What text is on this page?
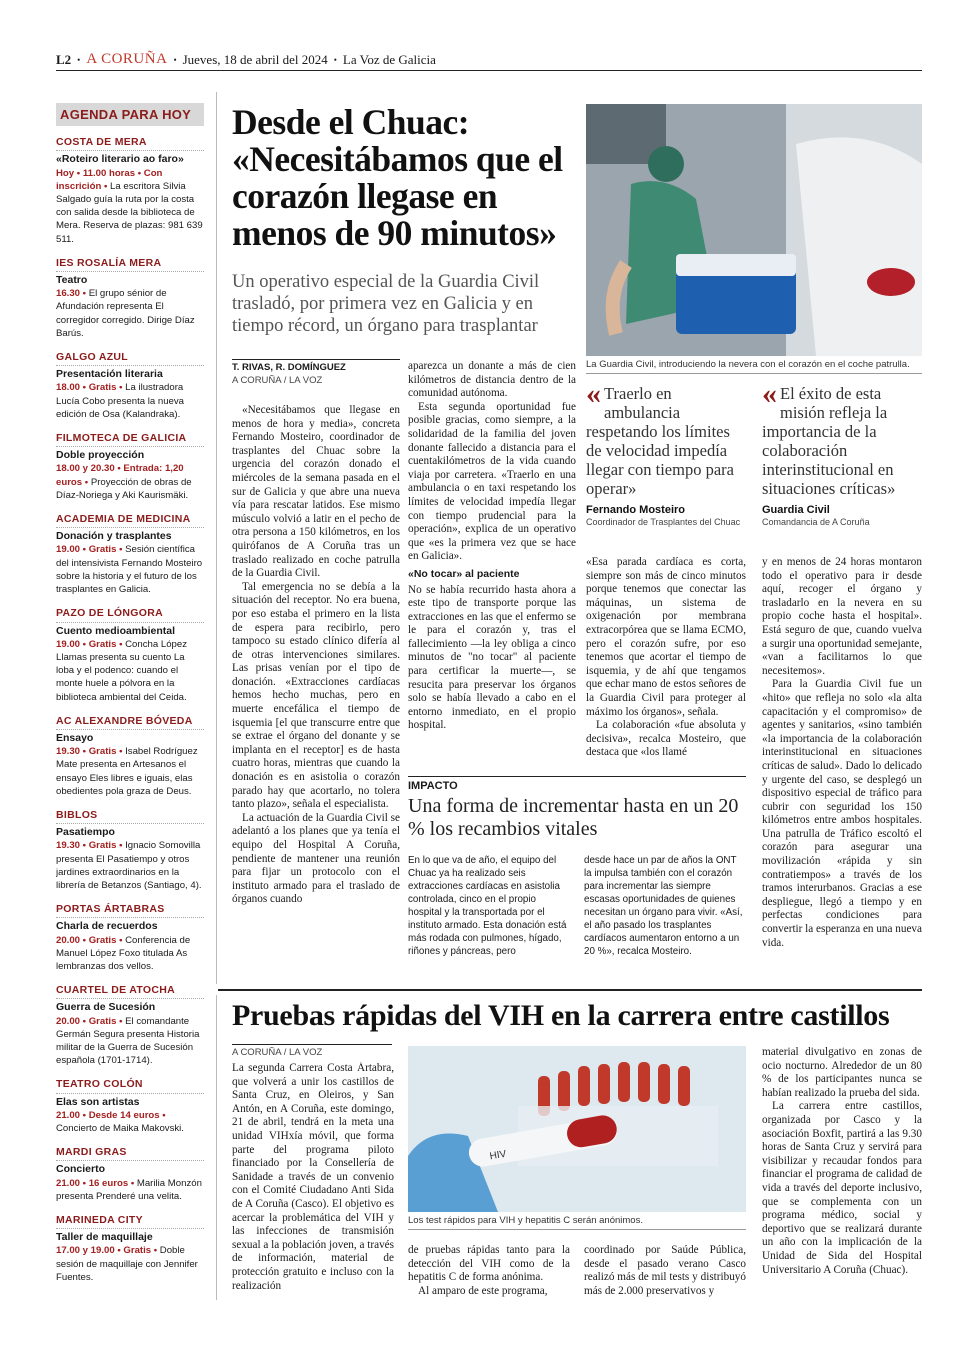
L2 • A CORUÑA • Jueves, 18 de abril del 2024 • La Voz de Galicia
AGENDA PARA HOY
COSTA DE MERA
«Roteiro literario ao faro»
Hoy • 11.00 horas • Con inscrición • La escritora Silvia Salgado guía la ruta por la costa con salida desde la biblioteca de Mera. Reserva de plazas: 981 639 511.
IES ROSALÍA MERA
Teatro
16.30 • El grupo sénior de Afundación representa El corregidor corregido. Dirige Díaz Barús.
GALGO AZUL
Presentación literaria
18.00 • Gratis • La ilustradora Lucía Cobo presenta la nueva edición de Osa (Kalandraka).
FILMOTECA DE GALICIA
Doble proyección
18.00 y 20.30 • Entrada: 1,20 euros • Proyección de obras de Díaz-Noriega y Aki Kaurismäki.
ACADEMIA DE MEDICINA
Donación y trasplantes
19.00 • Gratis • Sesión científica del intensivista Fernando Mosteiro sobre la historia y el futuro de los trasplantes en Galicia.
PAZO DE LÓNGORA
Cuento medioambiental
19.00 • Gratis • Concha López Llamas presenta su cuento La loba y el podenco: cuando el monte huele a pólvora en la biblioteca ambiental del Ceida.
AC ALEXANDRE BÓVEDA
Ensayo
19.30 • Gratis • Isabel Rodríguez Mate presenta en Artesanos el ensayo Eles libres e iguais, elas obedientes pola graza de Deus.
BIBLOS
Pasatiempo
19.30 • Gratis • Ignacio Somovilla presenta El Pasatiempo y otros jardines extraordinarios en la librería de Betanzos (Santiago, 4).
PORTAS ÁRTABRAS
Charla de recuerdos
20.00 • Gratis • Conferencia de Manuel López Foxo titulada As lembranzas dos vellos.
CUARTEL DE ATOCHA
Guerra de Sucesión
20.00 • Gratis • El comandante Germán Segura presenta Historia militar de la Guerra de Sucesión española (1701-1714).
TEATRO COLÓN
Elas son artistas
21.00 • Desde 14 euros • Concierto de Maika Makovski.
MARDI GRAS
Concierto
21.00 • 16 euros • Marilia Monzón presenta Prenderé una velita.
MARINEDA CITY
Taller de maquillaje
17.00 y 19.00 • Gratis • Doble sesión de maquillaje con Jennifer Fuentes.
Desde el Chuac: «Necesitábamos que el corazón llegase en menos de 90 minutos»
Un operativo especial de la Guardia Civil trasladó, por primera vez en Galicia y en tiempo récord, un órgano para trasplantar
La Guardia Civil, introduciendo la nevera con el corazón en el coche patrulla.
T. RIVAS, R. DOMÍNGUEZ
A CORUÑA / LA VOZ

«Necesitábamos que llegase en menos de hora y media», concreta Fernando Mosteiro, coordinador de trasplantes del Chuac sobre la urgencia del corazón donado el miércoles de la semana pasada en el sur de Galicia y que abre una nueva vía para rescatar latidos. Ese mismo músculo volvió a latir en el pecho de otra persona a 150 kilómetros, en los quirófanos de A Coruña tras un traslado realizado en coche patrulla de la Guardia Civil.

Tal emergencia no se debía a la situación del receptor. No era buena, por eso estaba el primero en la lista de espera para recibirlo, pero tampoco su estado clínico difería al de otras intervenciones similares. Las prisas venían por el tipo de donación. «Extracciones cardíacas hemos hecho muchas, pero en muerte encefálica el tiempo de isquemia [el que transcurre entre que se extrae el órgano del donante y se implanta en el receptor] es de hasta cuatro horas, mientras que cuando la donación es en asistolia o corazón parado hay que acortarlo, no tolera tanto plazo», señala el especialista.

La actuación de la Guardia Civil se adelantó a los planes que ya tenía el equipo del Hospital A Coruña, pendiente de mantener una reunión para fijar un protocolo con el instituto armado para el traslado de órganos cuando

aparezca un donante a más de cien kilómetros de distancia dentro de la comunidad autónoma.

Esta segunda oportunidad fue posible gracias, como siempre, a la solidaridad de la familia del joven donante fallecido a distancia para el cuentakilómetros de la vida cuando viaja por carretera. «Traerlo en una ambulancia o en taxi respetando los límites de velocidad impedía llegar con tiempo prudencial para la operación», explica de un operativo que «es la primera vez que se hace en Galicia».

«No tocar» al paciente

No se había recurrido hasta ahora a este tipo de transporte porque las extracciones en las que el enfermo se le para el corazón y, tras el fallecimiento —la ley obliga a cinco minutos de "no tocar" al paciente para certificar la muerte—, se resucita para preservar los órganos solo se había llevado a cabo en el entorno inmediato, en el propio hospital.

« Traerlo en ambulancia respetando los límites de velocidad impedía llegar con tiempo para operar»
Fernando Mosteiro
Coordinador de Trasplantes del Chuac
« El éxito de esta misión refleja la importancia de la colaboración interinstitucional en situaciones críticas»
Guardia Civil
Comandancia de A Coruña

«Esa parada cardíaca es corta, siempre son más de cinco minutos porque tenemos que conectar las máquinas, un sistema de oxigenación por membrana extracorpórea que se llama ECMO, pero el corazón sufre, por eso tenemos que acortar el tiempo de isquemia, y de ahí que tengamos que echar mano de estos señores de la Guardia Civil para proteger al máximo los órganos», señala.

La colaboración «fue absoluta y decisiva», recalca Mosteiro, que destaca que «los llamé

y en menos de 24 horas montaron todo el operativo para ir desde aquí, recoger el órgano y trasladarlo en la nevera en su propio coche hasta el hospital». Está seguro de que, cuando vuelva a surgir una oportunidad semejante, «van a facilitarnos lo que necesitemos».

Para la Guardia Civil fue un «hito» que refleja no solo «la alta capacitación y el compromiso» de agentes y sanitarios, «sino también «la importancia de la colaboración interinstitucional en situaciones críticas de salud». Dado lo delicado y urgente del caso, se desplegó un dispositivo especial de tráfico para cubrir con seguridad los 150 kilómetros entre ambos hospitales. Una patrulla de Tráfico escoltó el corazón para asegurar una movilización «rápida y sin contratiempos» a través de los tramos interurbanos. Gracias a ese despliegue, llegó a tiempo y en perfectas condiciones para convertir la esperanza en una nueva vida.

IMPACTO
Una forma de incrementar hasta en un 20 % los recambios vitales
En lo que va de año, el equipo del Chuac ya ha realizado seis extracciones cardíacas en asistolia controlada, cinco en el propio hospital y la transportada por el instituto armado. Esta donación está más rodada con pulmones, hígado, riñones y páncreas, pero
desde hace un par de años la ONT la impulsa también con el corazón para incrementar las siempre escasas oportunidades de quienes necesitan un órgano para vivir. «Así, el año pasado los trasplantes cardíacos aumentaron entorno a un 20 %», recalca Mosteiro.
Pruebas rápidas del VIH en la carrera entre castillos
A CORUÑA / LA VOZ

La segunda Carrera Costa Ártabra, que volverá a unir los castillos de Santa Cruz, en Oleiros, y San Antón, en A Coruña, este domingo, 21 de abril, tendrá en la meta una unidad VIHxía móvil, que forma parte del programa piloto financiado por la Consellería de Sanidade a través de un convenio con el Comité Ciudadano Anti Sida de A Coruña (Casco). El objetivo es acercar la problemática del VIH y las infecciones de transmisión sexual a la población joven, a través de información, material de protección gratuito e incluso con la realización

HIV
Los test rápidos para VIH y hepatitis C serán anónimos.

de pruebas rápidas tanto para la detección del VIH como de la hepatitis C de forma anónima.

Al amparo de este programa,

coordinado por Saúde Pública, desde el pasado verano Casco realizó más de mil tests y distribuyó más de 2.000 preservativos y

material divulgativo en zonas de ocio nocturno. Alrededor de un 80 % de los participantes nunca se habían realizado la prueba del sida.

La carrera entre castillos, organizada por Casco y la asociación Boxfit, partirá a las 9.30 horas de Santa Cruz y servirá para visibilizar y recaudar fondos para financiar el programa de calidad de vida a través del deporte inclusivo, que se complementa con un programa médico, social y deportivo que se realizará durante un año con la implicación de la Unidad de Sida del Hospital Universitario A Coruña (Chuac).
